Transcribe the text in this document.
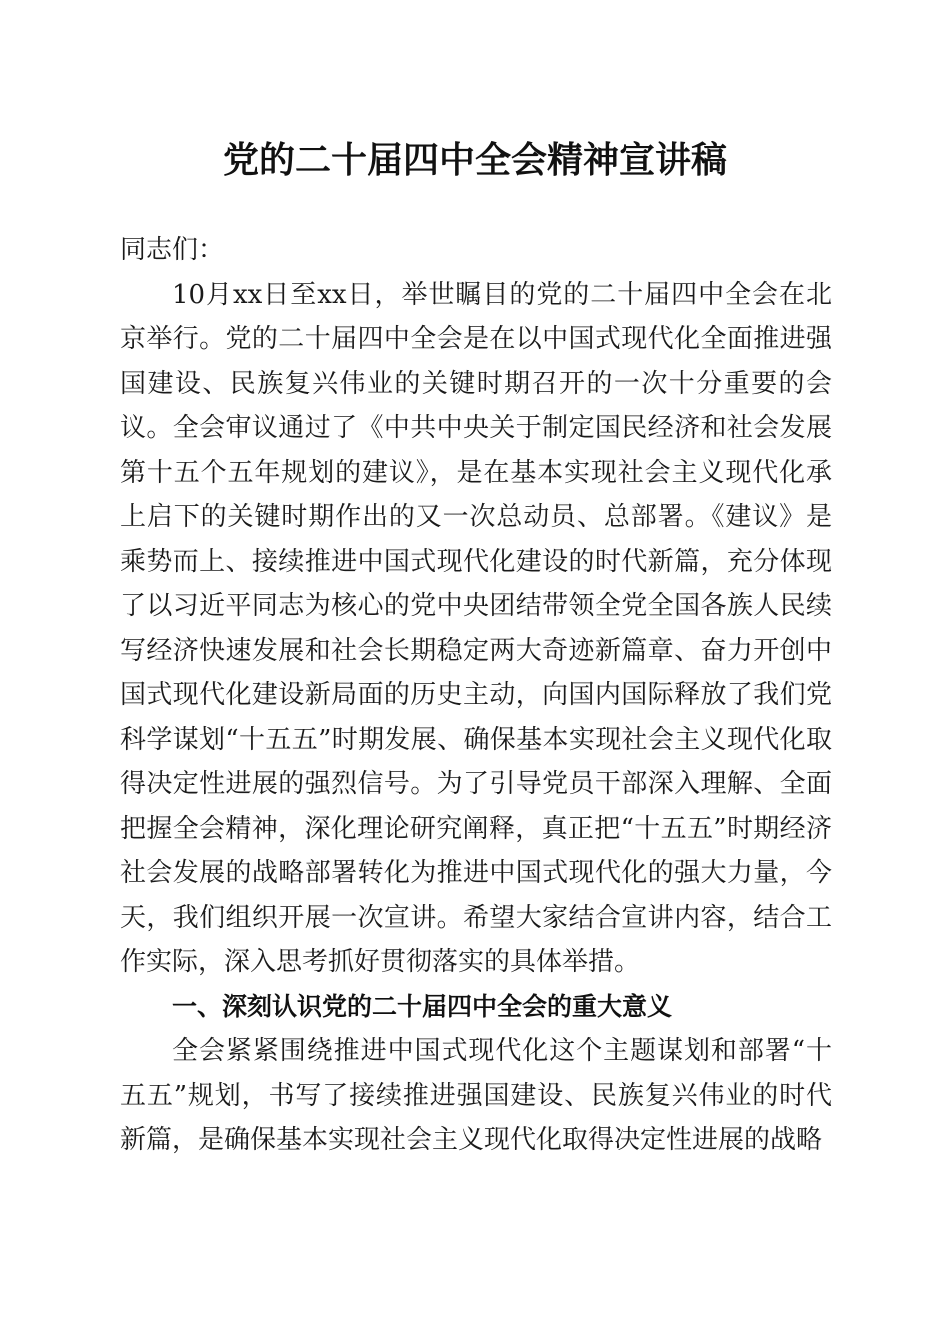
党的二十届四中全会精神宣讲稿

同志们：

10月xx日至xx日，举世瞩目的党的二十届四中全会在北京举行。党的二十届四中全会是在以中国式现代化全面推进强国建设、民族复兴伟业的关键时期召开的一次十分重要的会议。全会审议通过了《中共中央关于制定国民经济和社会发展第十五个五年规划的建议》，是在基本实现社会主义现代化承上启下的关键时期作出的又一次总动员、总部署。《建议》是乘势而上、接续推进中国式现代化建设的时代新篇，充分体现了以习近平同志为核心的党中央团结带领全党全国各族人民续写经济快速发展和社会长期稳定两大奇迹新篇章、奋力开创中国式现代化建设新局面的历史主动，向国内国际释放了我们党科学谋划“十五五”时期发展、确保基本实现社会主义现代化取得决定性进展的强烈信号。为了引导党员干部深入理解、全面把握全会精神，深化理论研究阐释，真正把“十五五”时期经济社会发展的战略部署转化为推进中国式现代化的强大力量，今天，我们组织开展一次宣讲。希望大家结合宣讲内容，结合工作实际，深入思考抓好贯彻落实的具体举措。

一、深刻认识党的二十届四中全会的重大意义

全会紧紧围绕推进中国式现代化这个主题谋划和部署“十五五”规划，书写了接续推进强国建设、民族复兴伟业的时代新篇，是确保基本实现社会主义现代化取得决定性进展的战略
